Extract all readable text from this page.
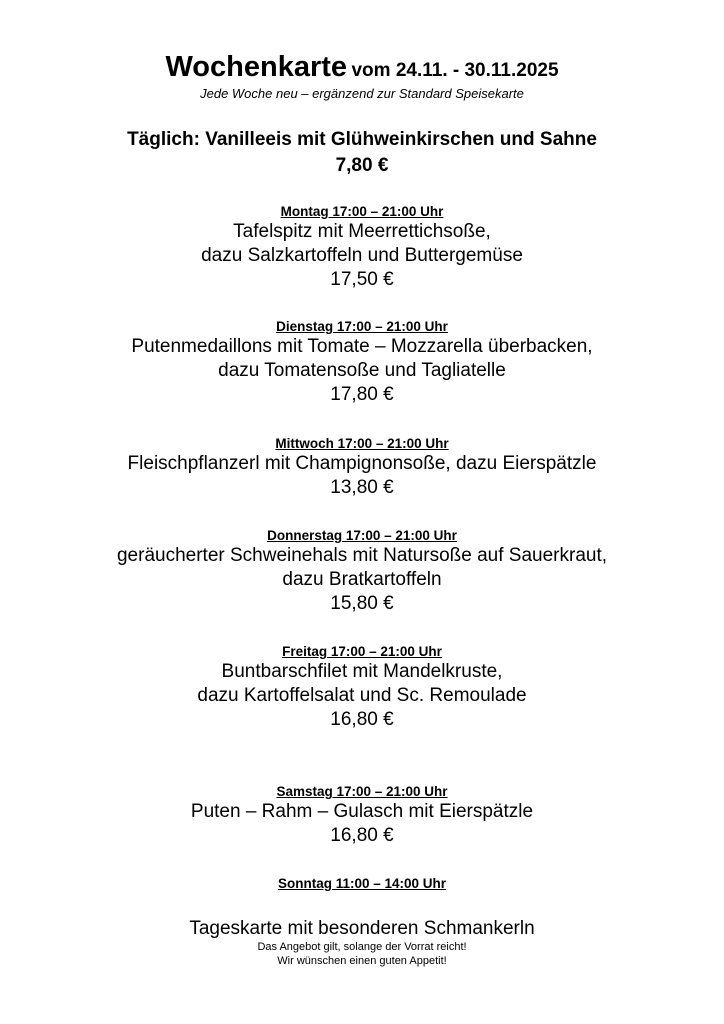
Wochenkarte vom 24.11. - 30.11.2025
Jede Woche neu – ergänzend zur Standard Speisekarte
Täglich: Vanilleeis mit Glühweinkirschen und Sahne
7,80 €
Montag 17:00 – 21:00 Uhr
Tafelspitz mit Meerrettichsoße,
dazu Salzkartoffeln und Buttergemüse
17,50 €
Dienstag 17:00 – 21:00 Uhr
Putenmedaillons mit Tomate – Mozzarella überbacken,
dazu Tomatensoße und Tagliatelle
17,80 €
Mittwoch 17:00 – 21:00 Uhr
Fleischpflanzerl mit Champignonsoße, dazu Eierspätzle
13,80 €
Donnerstag 17:00 – 21:00 Uhr
geräucherter Schweinehals mit Natursoße auf Sauerkraut,
dazu Bratkartoffeln
15,80 €
Freitag 17:00 – 21:00 Uhr
Buntbarschfilet mit Mandelkruste,
dazu Kartoffelsalat und Sc. Remoulade
16,80 €
Samstag 17:00 – 21:00 Uhr
Puten – Rahm – Gulasch mit Eierspätzle
16,80 €
Sonntag 11:00 – 14:00 Uhr
Tageskarte mit besonderen Schmankerln
Das Angebot gilt, solange der Vorrat reicht!
Wir wünschen einen guten Appetit!
